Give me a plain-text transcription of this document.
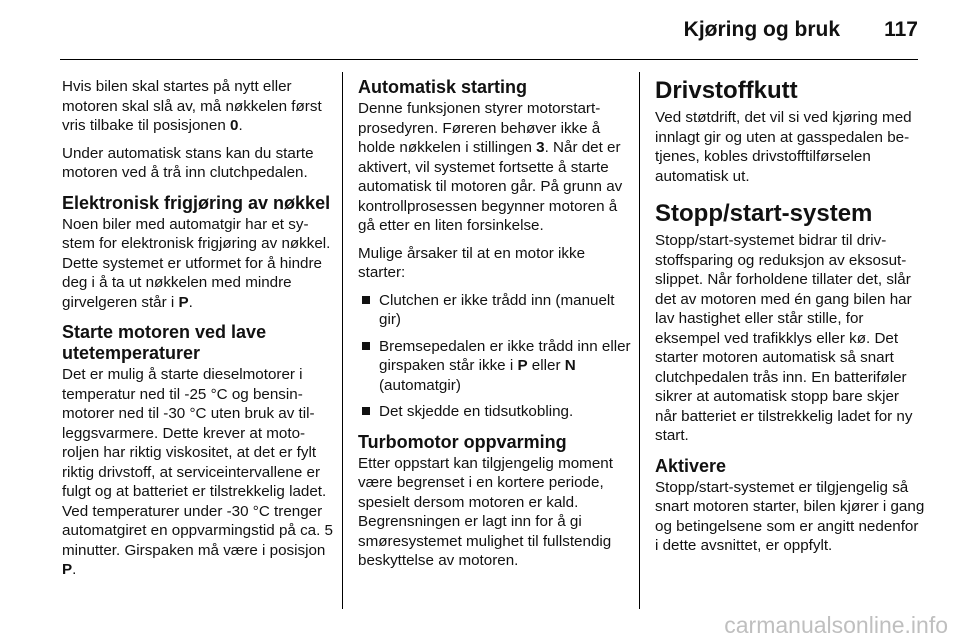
Kjøring og bruk 117

Hvis bilen skal startes på nytt eller motoren skal slå av, må nøkkelen først vris tilbake til posisjonen 0.

Under automatisk stans kan du starte motoren ved å trå inn clutchpedalen.

Elektronisk frigjøring av nøkkel

Noen biler med automatgir har et system for elektronisk frigjøring av nøkkel. Dette systemet er utformet for å hindre deg i å ta ut nøkkelen med mindre girvelgeren står i P.

Starte motoren ved lave utetemperaturer

Det er mulig å starte dieselmotorer i temperatur ned til -25 °C og bensinmotorer ned til -30 °C uten bruk av tilleggsvarmere. Dette krever at motoroljen har riktig viskositet, at det er fylt riktig drivstoff, at serviceintervallene er fulgt og at batteriet er tilstrekkelig ladet. Ved temperaturer under -30 °C trenger automatgiret en oppvarmingstid på ca. 5 minutter. Girspaken må være i posisjon P.

Automatisk starting

Denne funksjonen styrer motorstartprosedyren. Føreren behøver ikke å holde nøkkelen i stillingen 3. Når det er aktivert, vil systemet fortsette å starte automatisk til motoren går. På grunn av kontrollprosessen begynner motoren å gå etter en liten forsinkelse.

Mulige årsaker til at en motor ikke starter:

Clutchen er ikke trådd inn (manuelt gir)
Bremsepedalen er ikke trådd inn eller girspaken står ikke i P eller N (automatgir)
Det skjedde en tidsutkobling.
Turbomotor oppvarming

Etter oppstart kan tilgjengelig moment være begrenset i en kortere periode, spesielt dersom motoren er kald. Begrensningen er lagt inn for å gi smøresystemet mulighet til fullstendig beskyttelse av motoren.

Drivstoffkutt

Ved støtdrift, det vil si ved kjøring med innlagt gir og uten at gasspedalen betjenes, kobles drivstofftilførselen automatisk ut.

Stopp/start-system

Stopp/start-systemet bidrar til drivstoffsparing og reduksjon av eksosutslippet. Når forholdene tillater det, slår det av motoren med én gang bilen har lav hastighet eller står stille, for eksempel ved trafikklys eller kø. Det starter motoren automatisk så snart clutchpedalen tr​ås inn. En batteriføler sikrer at automatisk stopp bare skjer når batteriet er tilstrekkelig ladet for ny start.

Aktivere

Stopp/start-systemet er tilgjengelig så snart motoren starter, bilen kjører i gang og betingelsene som er angitt nedenfor i dette avsnittet, er oppfylt.

carmanualsonline.info
